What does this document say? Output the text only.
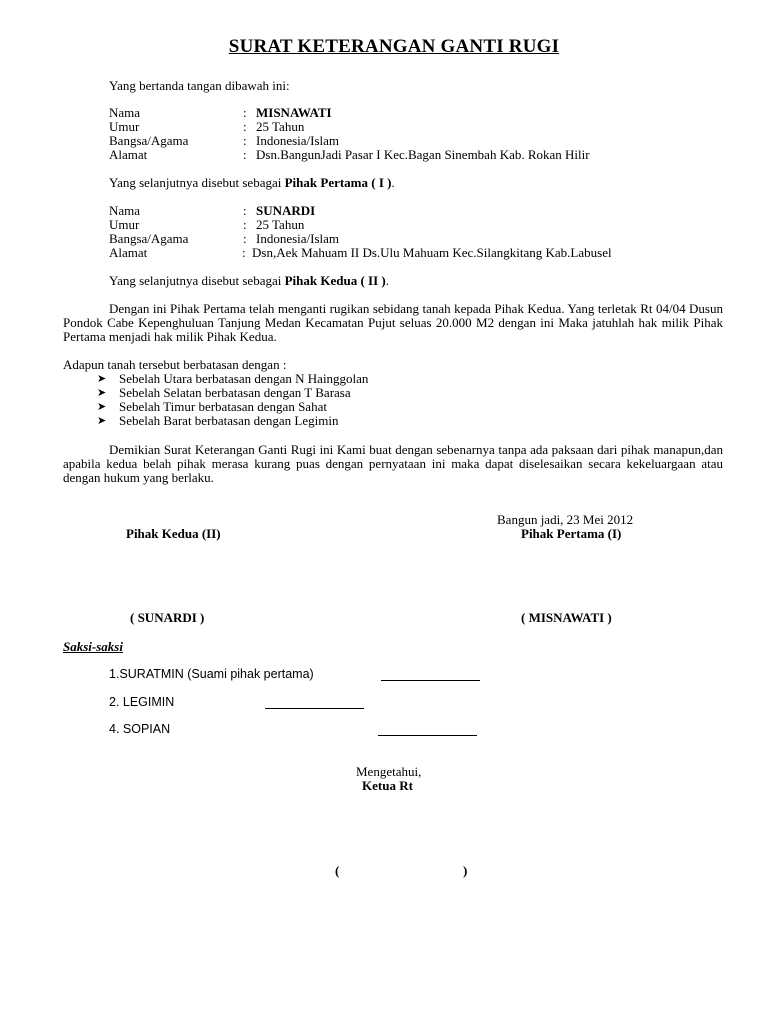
SURAT KETERANGAN GANTI RUGI
Yang bertanda tangan dibawah ini:
Nama	: MISNAWATI
Umur	: 25 Tahun
Bangsa/Agama	: Indonesia/Islam
Alamat	: Dsn.BangunJadi Pasar I Kec.Bagan Sinembah Kab. Rokan Hilir
Yang selanjutnya disebut sebagai Pihak Pertama ( I ).
Nama	: SUNARDI
Umur	: 25 Tahun
Bangsa/Agama	: Indonesia/Islam
Alamat	: Dsn,Aek Mahuam II Ds.Ulu Mahuam Kec.Silangkitang Kab.Labusel
Yang selanjutnya disebut sebagai Pihak Kedua ( II ).
Dengan ini Pihak Pertama telah menganti rugikan sebidang tanah kepada Pihak Kedua. Yang terletak Rt 04/04 Dusun Pondok Cabe Kepenghuluan Tanjung Medan Kecamatan Pujut seluas 20.000 M2 dengan ini Maka jatuhlah hak milik Pihak Pertama menjadi hak milik Pihak Kedua.
Adapun tanah tersebut berbatasan dengan :
➤ Sebelah Utara berbatasan dengan N Hainggolan
➤ Sebelah Selatan berbatasan dengan T Barasa
➤ Sebelah Timur berbatasan dengan Sahat
➤ Sebelah Barat berbatasan dengan Legimin
Demikian Surat Keterangan Ganti Rugi ini Kami buat dengan sebenarnya tanpa ada paksaan dari pihak manapun,dan apabila kedua belah pihak merasa kurang puas dengan pernyataan ini maka dapat diselesaikan secara kekeluargaan atau dengan hukum yang berlaku.
Bangun jadi, 23 Mei 2012
Pihak Kedua (II)	Pihak Pertama (I)
( SUNARDI )	( MISNAWATI )
Saksi-saksi
1.SURATMIN (Suami pihak pertama)
2. LEGIMIN
4. SOPIAN
Mengetahui,
Ketua Rt
(	)
